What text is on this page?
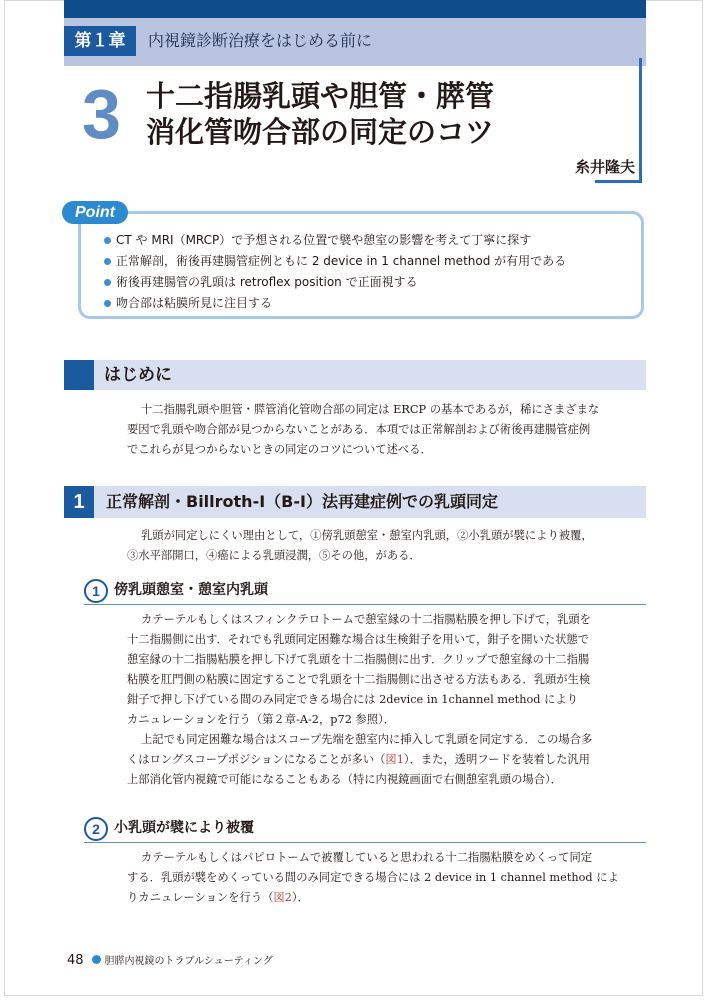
第１章	内視鏡診断治療をはじめる前に
3 十二指腸乳頭や胆管・膵管
消化管吻合部の同定のコツ
糸井隆夫
Point
CT や MRI（MRCP）で予想される位置で襞や憩室の影響を考えて丁寧に探す
正常解剖，術後再建腸管症例ともに 2 device in 1 channel method が有用である
術後再建腸管の乳頭は retroflex position で正面視する
吻合部は粘膜所見に注目する
はじめに

十二指腸乳頭や胆管・膵管消化管吻合部の同定は ERCP の基本であるが，稀にさまざまな
要因で乳頭や吻合部が見つからないことがある．本項では正常解剖および術後再建腸管症例
でこれらが見つからないときの同定のコツについて述べる．

1	正常解剖・Billroth-Ⅰ（B-Ⅰ）法再建症例での乳頭同定

乳頭が同定しにくい理由として，①傍乳頭憩室・憩室内乳頭，②小乳頭が襞により被覆，
③水平部開口，④癌による乳頭浸潤，⑤その他，がある．

1	傍乳頭憩室・憩室内乳頭

カテーテルもしくはスフィンクテロトームで憩室縁の十二指腸粘膜を押し下げて，乳頭を
十二指腸側に出す．それでも乳頭同定困難な場合は生検鉗子を用いて，鉗子を開いた状態で
憩室縁の十二指腸粘膜を押し下げて乳頭を十二指腸側に出す．クリップで憩室縁の十二指腸
粘膜を肛門側の粘膜に固定することで乳頭を十二指腸側に出させる方法もある．乳頭が生検
鉗子で押し下げている間のみ同定できる場合には 2device in 1channel method により
カニュレーションを行う（第２章-A-2，p72 参照）．
上記でも同定困難な場合はスコープ先端を憩室内に挿入して乳頭を同定する．この場合多
くはロングスコープポジションになることが多い（図1）．また，透明フードを装着した汎用
上部消化管内視鏡で可能になることもある（特に内視鏡画面で右側憩室乳頭の場合）．

2	小乳頭が襞により被覆

カテーテルもしくはパピロトームで被覆していると思われる十二指腸粘膜をめくって同定
する．乳頭が襞をめくっている間のみ同定できる場合には 2 device in 1 channel method によ
りカニュレーションを行う（図2）．

48 胆膵内視鏡のトラブルシューティング
